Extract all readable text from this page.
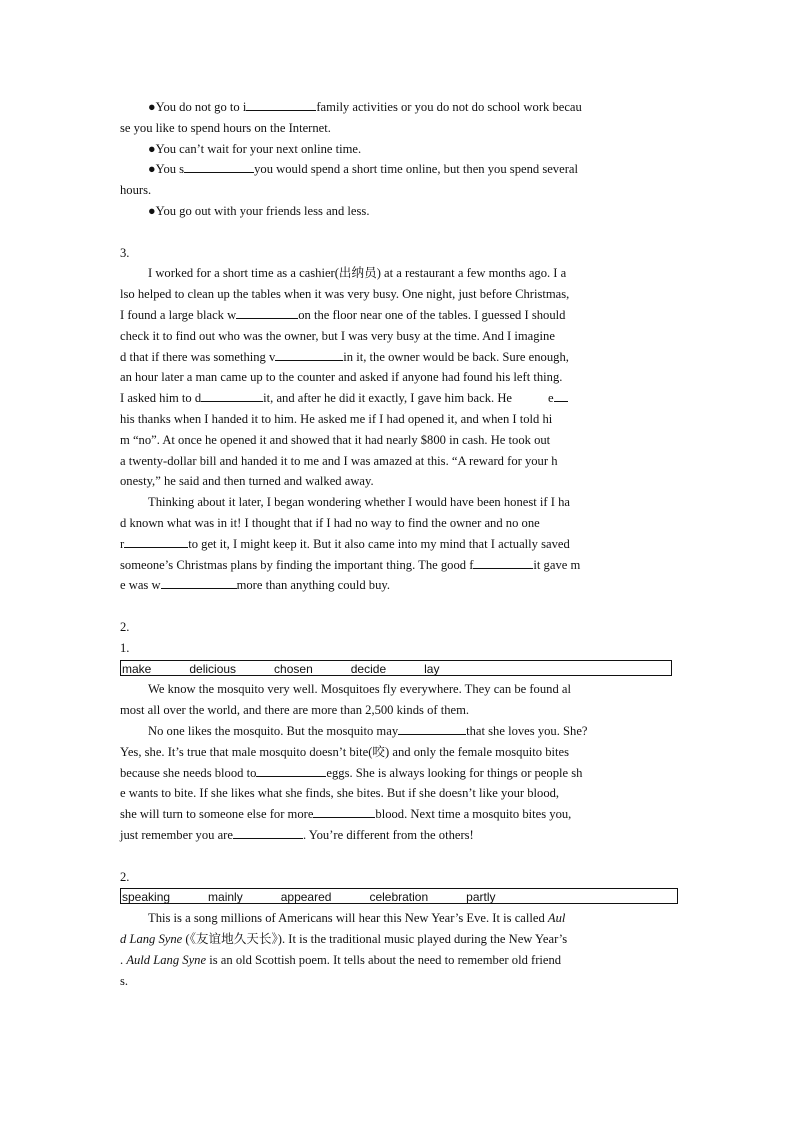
●You do not go to i	family activities or you do not do school work becau
se you like to spend hours on the Internet.
●You can’t wait for your next online time.
●You s	you would spend a short time online, but then you spend several
hours.
●You go out with your friends less and less.
3.
I worked for a short time as a cashier(出纳员) at a restaurant a few months ago. I a
lso helped to clean up the tables when it was very busy. One night, just before Christmas,
I found a large black w	on the floor near one of the tables. I guessed I should
check it to find out who was the owner, but I was very busy at the time. And I imagine
d that if there was something v	in it, the owner would be back. Sure enough,
an hour later a man came up to the counter and asked if anyone had found his left thing.
I asked him to d	it, and after he did it exactly, I gave him back. He	e
his thanks when I handed it to him. He asked me if I had opened it, and when I told hi
m “no”. At once he opened it and showed that it had nearly $800 in cash. He took out
a twenty-dollar bill and handed it to me and I was amazed at this. “A reward for your h
onesty,” he said and then turned and walked away.
Thinking about it later, I began wondering whether I would have been honest if I ha
d known what was in it! I thought that if I had no way to find the owner and no one
r	to get it, I might keep it. But it also came into my mind that I actually saved
someone’s Christmas plans by finding the important thing. The good f	it gave m
e was w	more than anything could buy.
2.
1.
make	delicious	chosen	decide	lay
We know the mosquito very well. Mosquitoes fly everywhere. They can be found al
most all over the world, and there are more than 2,500 kinds of them.
No one likes the mosquito. But the mosquito may	that she loves you. She?
Yes, she. It’s true that male mosquito doesn’t bite(咬) and only the female mosquito bites
because she needs blood to	eggs. She is always looking for things or people sh
e wants to bite. If she likes what she finds, she bites. But if she doesn’t like your blood,
she will turn to someone else for more	blood. Next time a mosquito bites you,
just remember you are	. You’re different from the others!
2.
speaking	mainly	appeared	celebration	partly
This is a song millions of Americans will hear this New Year’s Eve. It is called Aul
d Lang Syne (《友谊地久天长》). It is the traditional music played during the New Year’s
. Auld Lang Syne is an old Scottish poem. It tells about the need to remember old friend
s.
